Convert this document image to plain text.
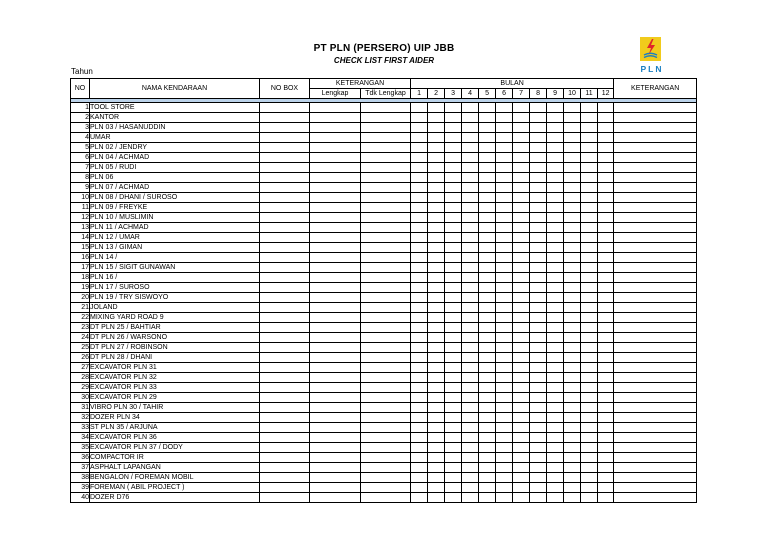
PT PLN (PERSERO) UIP JBB
CHECK LIST FIRST AIDER
PLN
Tahun
NO	NAMA KENDARAAN	NO BOX	KETERANGAN		BULAN												KETERANGAN
			Lengkap	Tdk Lengkap	1	2	3	4	5	6	7	8	9	10	11	12	

1	TOOL STORE																
2	KANTOR																
3	PLN 03 / HASANUDDIN																
4	UMAR																
5	PLN 02 / JENDRY																
6	PLN 04 / ACHMAD																
7	PLN 05 / RUDI																
8	PLN 06																
9	PLN 07 / ACHMAD																
10	PLN 08 / DHANI / SUROSO																
11	PLN 09 / FREYKE																
12	PLN 10 / MUSLIMIN																
13	PLN 11 / ACHMAD																
14	PLN 12 / UMAR																
15	PLN 13 / GIMAN																
16	PLN 14 /																
17	PLN 15 / SIGIT GUNAWAN																
18	PLN 16 /																
19	PLN 17 / SUROSO																
20	PLN 19 / TRY SISWOYO																
21	JOLAND																
22	MIXING YARD ROAD 9																
23	DT PLN 25 / BAHTIAR																
24	DT PLN 26 / WARSONO																
25	DT PLN 27 / ROBINSON																
26	DT PLN 28 / DHANI																
27	EXCAVATOR PLN 31																
28	EXCAVATOR PLN 32																
29	EXCAVATOR PLN 33																
30	EXCAVATOR PLN 29																
31	VIBRO PLN 30 / TAHIR																
32	DOZER PLN 34																
33	ST PLN 35 / ARJUNA																
34	EXCAVATOR PLN 36																
35	EXCAVATOR PLN 37 / DODY																
36	COMPACTOR IR																
37	ASPHALT LAPANGAN																
38	BENGALON / FOREMAN MOBIL																
39	FOREMAN ( ABIL PROJECT )																
40	DOZER D76																
